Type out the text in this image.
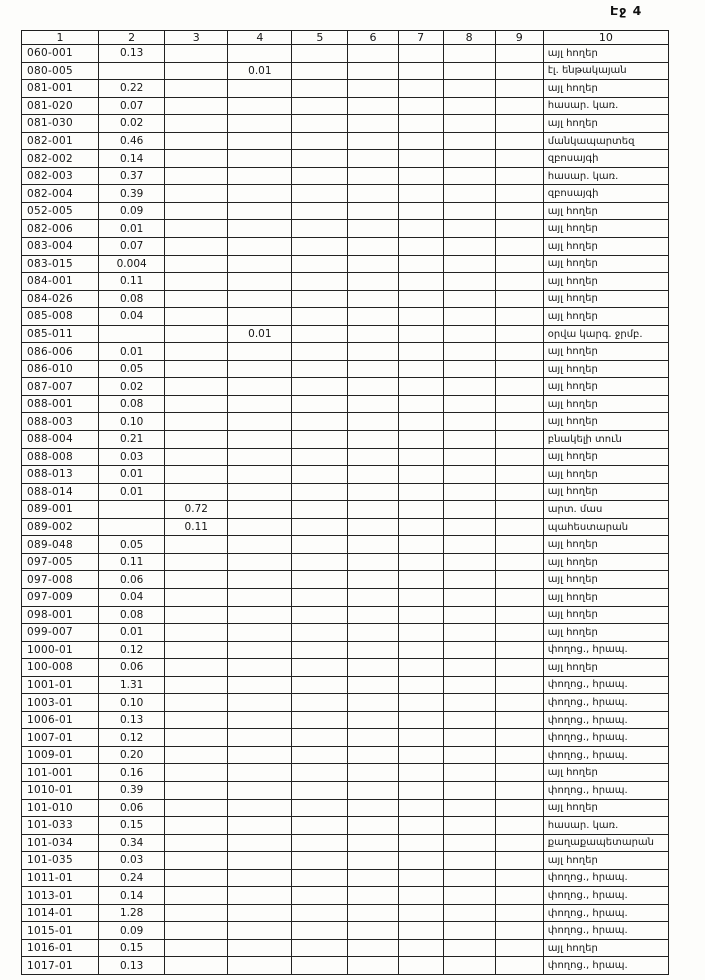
Էջ 4
1	2	3	4	5	6	7	8	9	10	
060-001	0.13								այլ հողեր	
080-005			0.01						էլ. ենթակայան	
081-001	0.22								այլ հողեր	
081-020	0.07								հասար. կառ.	
081-030	0.02								այլ հողեր	
082-001	0.46								մանկապարտեզ	
082-002	0.14								զբոսայգի	
082-003	0.37								հասար. կառ.	
082-004	0.39								զբոսայգի	
052-005	0.09								այլ հողեր	
082-006	0.01								այլ հողեր	
083-004	0.07								այլ հողեր	
083-015	0.004								այլ հողեր	
084-001	0.11								այլ հողեր	
084-026	0.08								այլ հողեր	
085-008	0.04								այլ հողեր	
085-011			0.01						օրվա կարգ. ջրմբ.	
086-006	0.01								այլ հողեր	
086-010	0.05								այլ հողեր	
087-007	0.02								այլ հողեր	
088-001	0.08								այլ հողեր	
088-003	0.10								այլ հողեր	
088-004	0.21								բնակելի տուն	
088-008	0.03								այլ հողեր	
088-013	0.01								այլ հողեր	
088-014	0.01								այլ հողեր	
089-001		0.72							արտ. մաս	
089-002		0.11							պահեստարան	
089-048	0.05								այլ հողեր	
097-005	0.11								այլ հողեր	
097-008	0.06								այլ հողեր	
097-009	0.04								այլ հողեր	
098-001	0.08								այլ հողեր	
099-007	0.01								այլ հողեր	
1000-01	0.12								փողոց., հրապ.	
100-008	0.06								այլ հողեր	
1001-01	1.31								փողոց., հրապ.	
1003-01	0.10								փողոց., հրապ.	
1006-01	0.13								փողոց., հրապ.	
1007-01	0.12								փողոց., հրապ.	
1009-01	0.20								փողոց., հրապ.	
101-001	0.16								այլ հողեր	
1010-01	0.39								փողոց., հրապ.	
101-010	0.06								այլ հողեր	
101-033	0.15								հասար. կառ.	
101-034	0.34								քաղաքապետարան	
101-035	0.03								այլ հողեր	
1011-01	0.24								փողոց., հրապ.	
1013-01	0.14								փողոց., հրապ.	
1014-01	1.28								փողոց., հրապ.	
1015-01	0.09								փողոց., հրապ.	
1016-01	0.15								այլ հողեր	
1017-01	0.13								փողոց., հրապ.	
